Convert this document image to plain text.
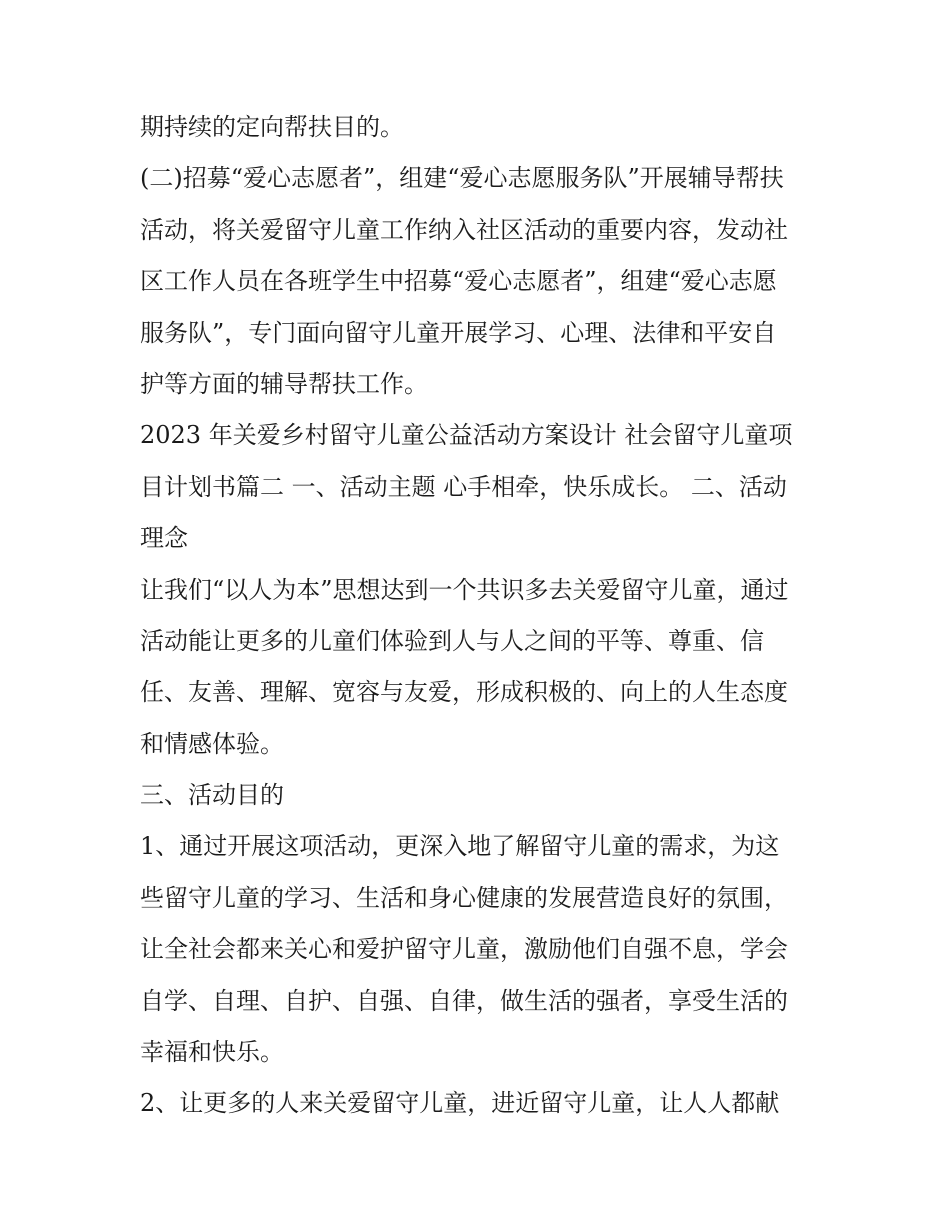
期持续的定向帮扶目的。
(二)招募“爱心志愿者”，组建“爱心志愿服务队”开展辅导帮扶
活动，将关爱留守儿童工作纳入社区活动的重要内容，发动社
区工作人员在各班学生中招募“爱心志愿者”，组建“爱心志愿
服务队”，专门面向留守儿童开展学习、心理、法律和平安自
护等方面的辅导帮扶工作。
2023 年关爱乡村留守儿童公益活动方案设计 社会留守儿童项
目计划书篇二 一、活动主题 心手相牵，快乐成长。 二、活动
理念
让我们“以人为本”思想达到一个共识多去关爱留守儿童，通过
活动能让更多的儿童们体验到人与人之间的平等、尊重、信
任、友善、理解、宽容与友爱，形成积极的、向上的人生态度
和情感体验。
三、活动目的
1、通过开展这项活动，更深入地了解留守儿童的需求，为这
些留守儿童的学习、生活和身心健康的发展营造良好的氛围，
让全社会都来关心和爱护留守儿童，激励他们自强不息，学会
自学、自理、自护、自强、自律，做生活的强者，享受生活的
幸福和快乐。
2、让更多的人来关爱留守儿童，进近留守儿童，让人人都献
